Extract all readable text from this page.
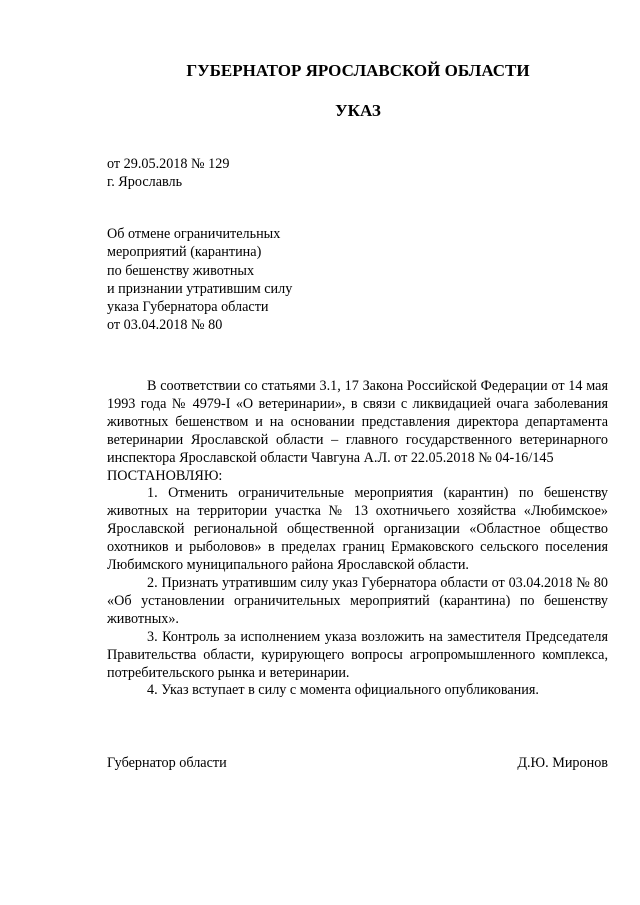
ГУБЕРНАТОР ЯРОСЛАВСКОЙ ОБЛАСТИ
УКАЗ
от 29.05.2018 № 129
г. Ярославль
Об отмене ограничительных
мероприятий (карантина)
по бешенству животных
и признании утратившим силу
указа Губернатора области
от 03.04.2018 № 80

В соответствии со статьями 3.1, 17 Закона Российской Федерации от 14 мая 1993 года № 4979-I «О ветеринарии», в связи с ликвидацией очага заболевания животных бешенством и на основании представления директора департамента ветеринарии Ярославской области – главного государственного ветеринарного инспектора Ярославской области Чавгуна А.Л. от 22.05.2018 № 04-16/145

ПОСТАНОВЛЯЮ:

1. Отменить ограничительные мероприятия (карантин) по бешенству животных на территории участка № 13 охотничьего хозяйства «Любимское» Ярославской региональной общественной организации «Областное общество охотников и рыболовов» в пределах границ Ермаковского сельского поселения Любимского муниципального района Ярославской области.

2. Признать утратившим силу указ Губернатора области от 03.04.2018 № 80 «Об установлении ограничительных мероприятий (карантина) по бешенству животных».

3. Контроль за исполнением указа возложить на заместителя Председателя Правительства области, курирующего вопросы агропромышленного комплекса, потребительского рынка и ветеринарии.

4. Указ вступает в силу с момента официального опубликования.

Губернатор области	Д.Ю. Миронов
